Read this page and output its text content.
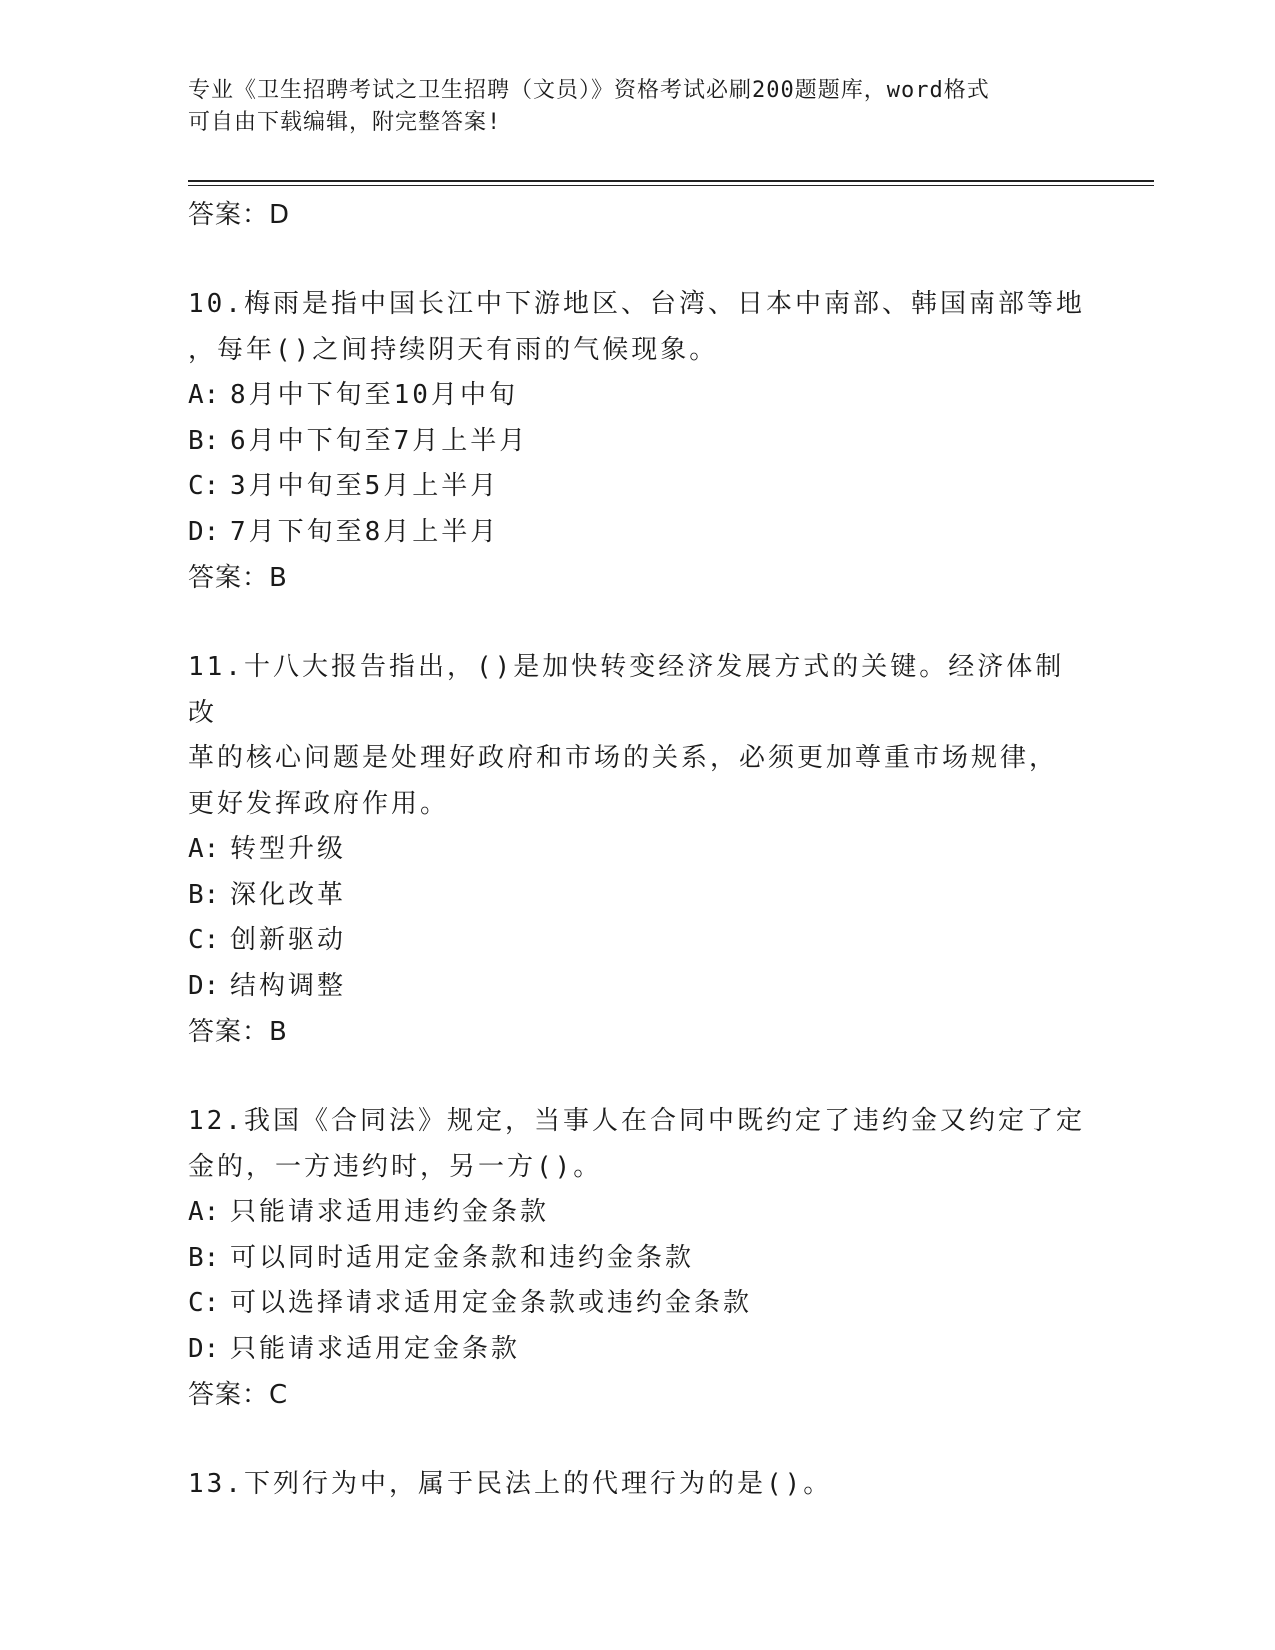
专业《卫生招聘考试之卫生招聘（文员）》资格考试必刷200题题库，word格式
可自由下载编辑，附完整答案!
答案：D
10.梅雨是指中国长江中下游地区、台湾、日本中南部、韩国南部等地
，每年()之间持续阴天有雨的气候现象。
A: 8月中下旬至10月中旬
B: 6月中下旬至7月上半月
C: 3月中旬至5月上半月
D: 7月下旬至8月上半月
答案：B
11.十八大报告指出，()是加快转变经济发展方式的关键。经济体制改
革的核心问题是处理好政府和市场的关系，必须更加尊重市场规律，
更好发挥政府作用。
A: 转型升级
B: 深化改革
C: 创新驱动
D: 结构调整
答案：B
12.我国《合同法》规定，当事人在合同中既约定了违约金又约定了定
金的，一方违约时，另一方()。
A: 只能请求适用违约金条款
B: 可以同时适用定金条款和违约金条款
C: 可以选择请求适用定金条款或违约金条款
D: 只能请求适用定金条款
答案：C
13.下列行为中，属于民法上的代理行为的是()。
